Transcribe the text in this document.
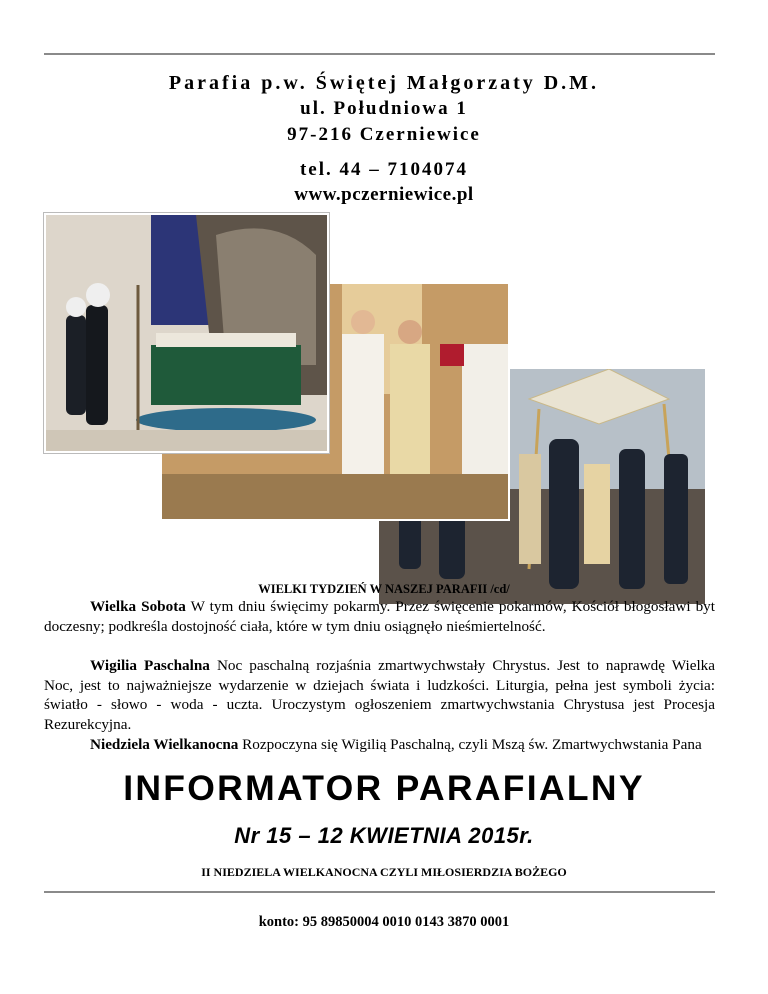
Parafia p.w. Świętej Małgorzaty D.M.
ul. Południowa 1
97-216 Czerniewice
tel. 44 – 7104074
www.pczerniewice.pl
WIELKI TYDZIEŃ W NASZEJ PARAFII /cd/
Wielka Sobota W tym dniu święcimy pokarmy. Przez święcenie pokarmów, Kościół błogosławi byt doczesny; podkreśla dostojność ciała, które w tym dniu osiągnęło nieśmiertelność.
Wigilia Paschalna Noc paschalną rozjaśnia zmartwychwstały Chrystus. Jest to naprawdę Wielka Noc, jest to najważniejsze wydarzenie w dziejach świata i ludzkości. Liturgia, pełna jest symboli życia: światło - słowo - woda - uczta. Uroczystym ogłoszeniem zmartwychwstania Chrystusa jest Procesja Rezurekcyjna.
Niedziela Wielkanocna Rozpoczyna się Wigilią Paschalną, czyli Mszą św. Zmartwychwstania Pana
INFORMATOR PARAFIALNY
Nr 15 – 12 KWIETNIA 2015r.
II NIEDZIELA WIELKANOCNA CZYLI MIŁOSIERDZIA BOŻEGO
konto: 95 89850004 0010 0143 3870 0001
